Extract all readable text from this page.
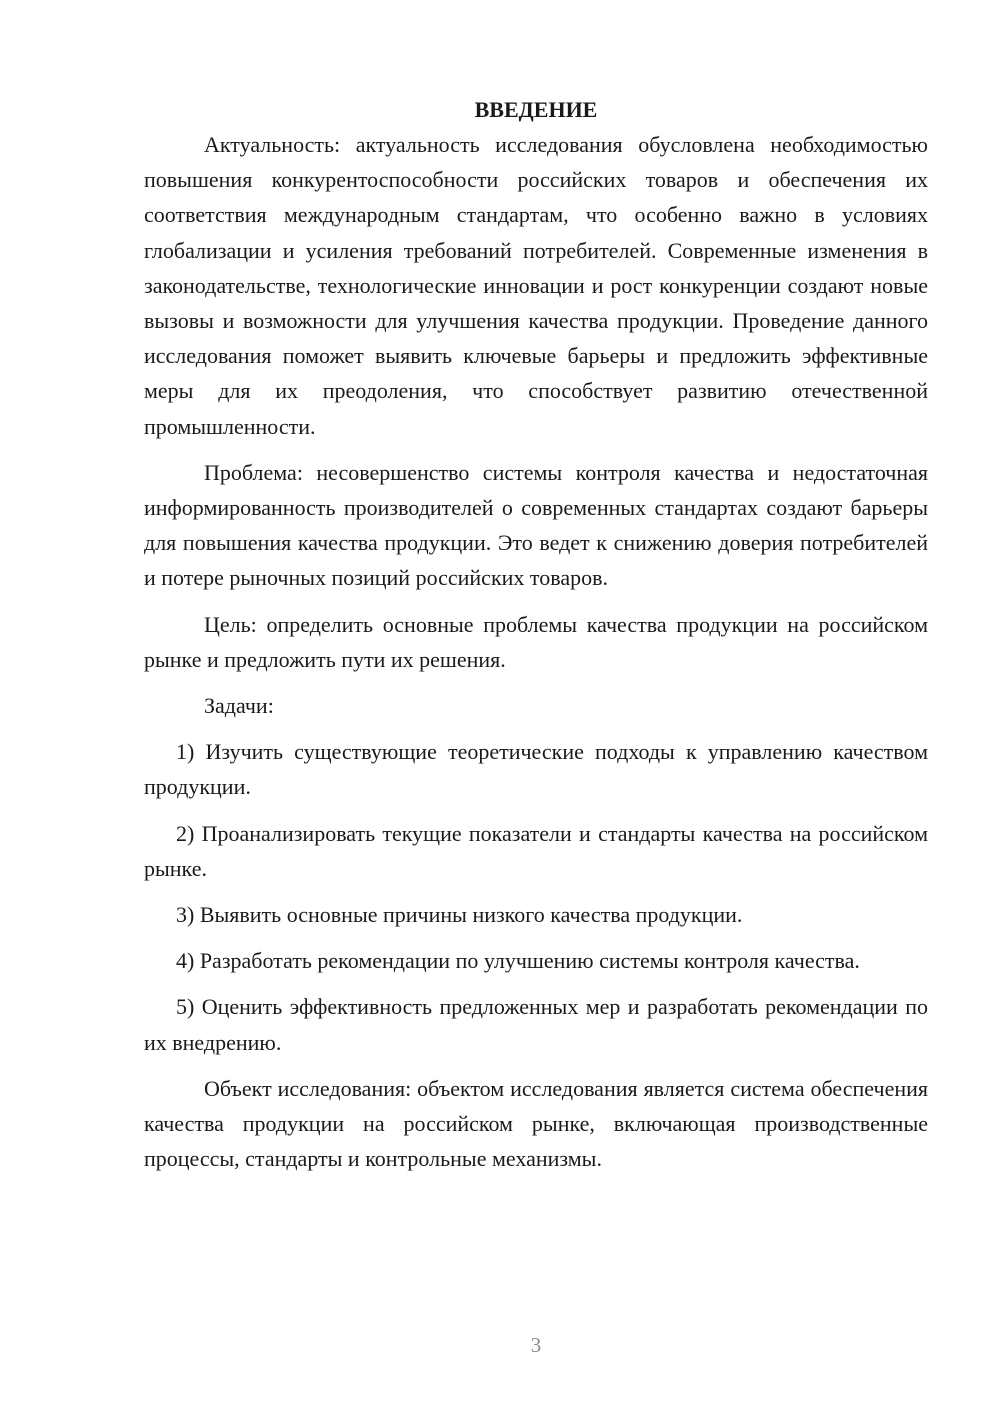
ВВЕДЕНИЕ

Актуальность: актуальность исследования обусловлена необходимостью повышения конкурентоспособности российских товаров и обеспечения их соответствия международным стандартам, что особенно важно в условиях глобализации и усиления требований потребителей. Современные изменения в законодательстве, технологические инновации и рост конкуренции создают новые вызовы и возможности для улучшения качества продукции. Проведение данного исследования поможет выявить ключевые барьеры и предложить эффективные меры для их преодоления, что способствует развитию отечественной промышленности.

Проблема: несовершенство системы контроля качества и недостаточная информированность производителей о современных стандартах создают барьеры для повышения качества продукции. Это ведет к снижению доверия потребителей и потере рыночных позиций российских товаров.

Цель: определить основные проблемы качества продукции на российском рынке и предложить пути их решения.

Задачи:

1) Изучить существующие теоретические подходы к управлению качеством продукции.

2) Проанализировать текущие показатели и стандарты качества на российском рынке.

3) Выявить основные причины низкого качества продукции.

4) Разработать рекомендации по улучшению системы контроля качества.

5) Оценить эффективность предложенных мер и разработать рекомендации по их внедрению.

Объект исследования: объектом исследования является система обеспечения качества продукции на российском рынке, включающая производственные процессы, стандарты и контрольные механизмы.

3
